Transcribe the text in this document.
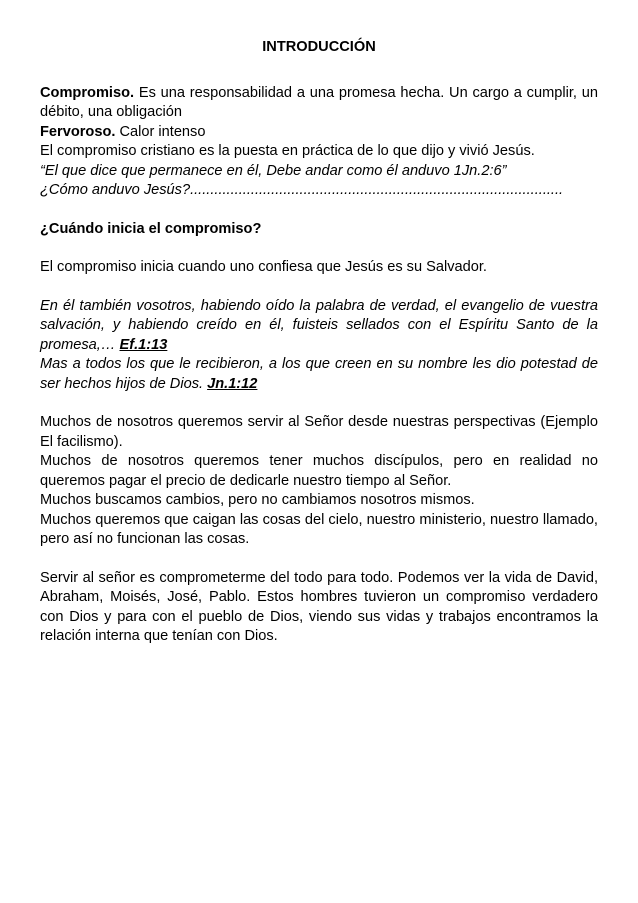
INTRODUCCIÓN

Compromiso. Es una responsabilidad a una promesa hecha. Un cargo a cumplir, un débito, una obligación

Fervoroso. Calor intenso

El compromiso cristiano es la puesta en práctica de lo que dijo y vivió Jesús.

“El que dice que permanece en él, Debe andar como él anduvo 1Jn.2:6”

¿Cómo anduvo Jesús?............................................................................................

¿Cuándo inicia el compromiso?

El compromiso inicia cuando uno confiesa que Jesús es su Salvador.

En él también vosotros, habiendo oído la palabra de verdad, el evangelio de vuestra salvación, y habiendo creído en él, fuisteis sellados con el Espíritu Santo de la promesa,… Ef.1:13

Mas a todos los que le recibieron, a los que creen en su nombre les dio potestad de ser hechos hijos de Dios. Jn.1:12

Muchos de nosotros queremos servir al Señor desde nuestras perspectivas (Ejemplo El facilismo).

Muchos de nosotros queremos tener muchos discípulos, pero en realidad no queremos pagar el precio de dedicarle nuestro tiempo al Señor.

Muchos buscamos cambios, pero no cambiamos nosotros mismos.

Muchos queremos que caigan las cosas del cielo, nuestro ministerio, nuestro llamado, pero así no funcionan las cosas.

Servir al señor es comprometerme del todo para todo. Podemos ver la vida de David, Abraham, Moisés, José, Pablo. Estos hombres tuvieron un compromiso verdadero con Dios y para con el pueblo de Dios, viendo sus vidas y trabajos encontramos la relación interna que tenían con Dios.
